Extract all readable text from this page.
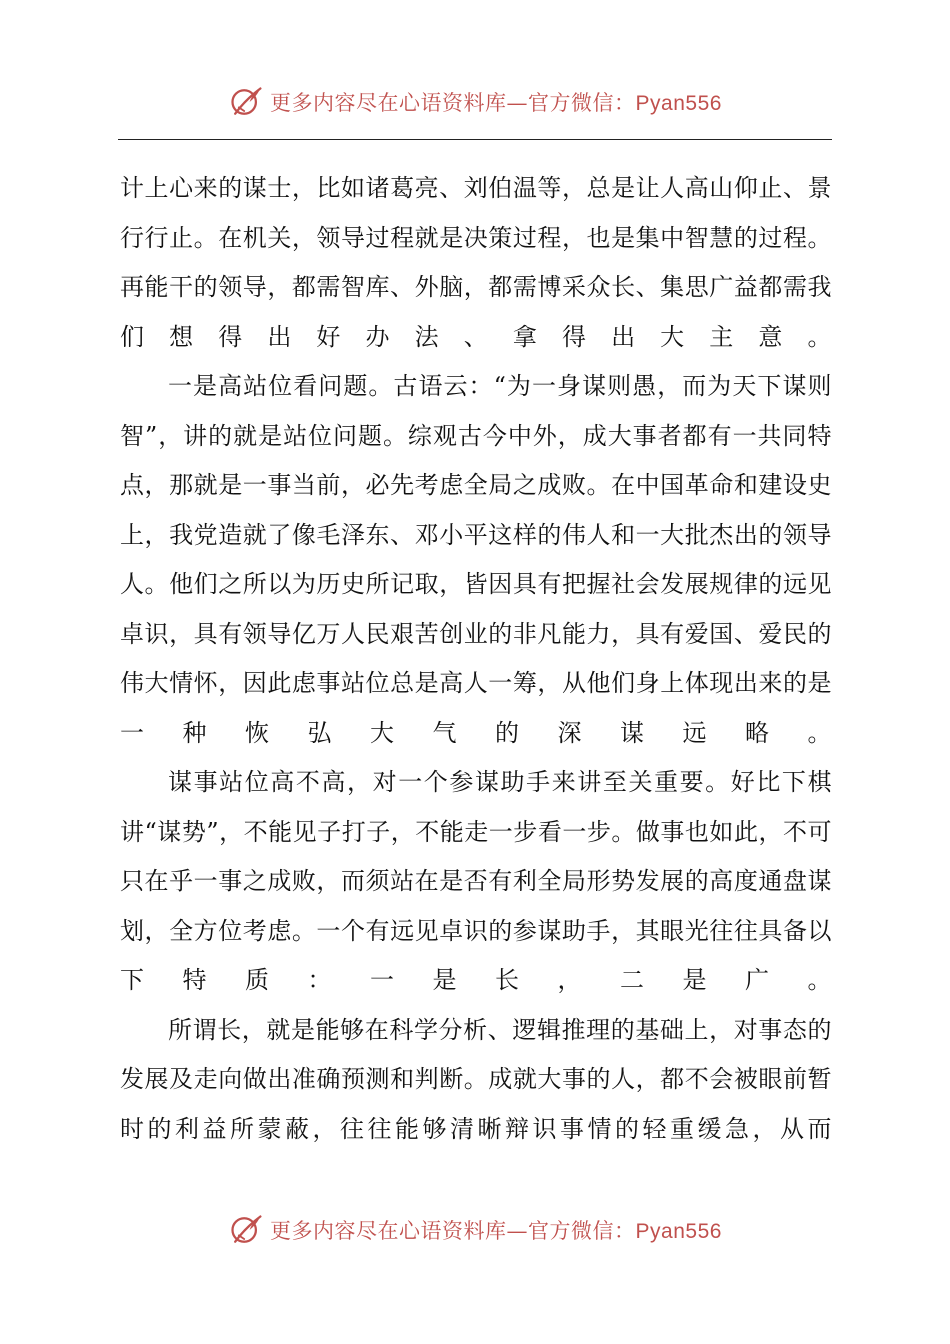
更多内容尽在心语资料库—官方微信：Pyan556

计上心来的谋士，比如诸葛亮、刘伯温等，总是让人高山仰止、景行行止。在机关，领导过程就是决策过程，也是集中智慧的过程。再能干的领导，都需智库、外脑，都需博采众长、集思广益都需我们想得出好办法、拿得出大主意。

一是高站位看问题。古语云：“为一身谋则愚，而为天下谋则智”，讲的就是站位问题。综观古今中外，成大事者都有一共同特点，那就是一事当前，必先考虑全局之成败。在中国革命和建设史上，我党造就了像毛泽东、邓小平这样的伟人和一大批杰出的领导人。他们之所以为历史所记取，皆因具有把握社会发展规律的远见卓识，具有领导亿万人民艰苦创业的非凡能力，具有爱国、爱民的伟大情怀，因此虑事站位总是高人一筹，从他们身上体现出来的是一种恢弘大气的深谋远略。

谋事站位高不高，对一个参谋助手来讲至关重要。好比下棋讲“谋势”，不能见子打子，不能走一步看一步。做事也如此，不可只在乎一事之成败，而须站在是否有利全局形势发展的高度通盘谋划，全方位考虑。一个有远见卓识的参谋助手，其眼光往往具备以下特质：一是长，二是广。

所谓长，就是能够在科学分析、逻辑推理的基础上，对事态的发展及走向做出准确预测和判断。成就大事的人，都不会被眼前暂时的利益所蒙蔽，往往能够清晰辩识事情的轻重缓急，从而

更多内容尽在心语资料库—官方微信：Pyan556
